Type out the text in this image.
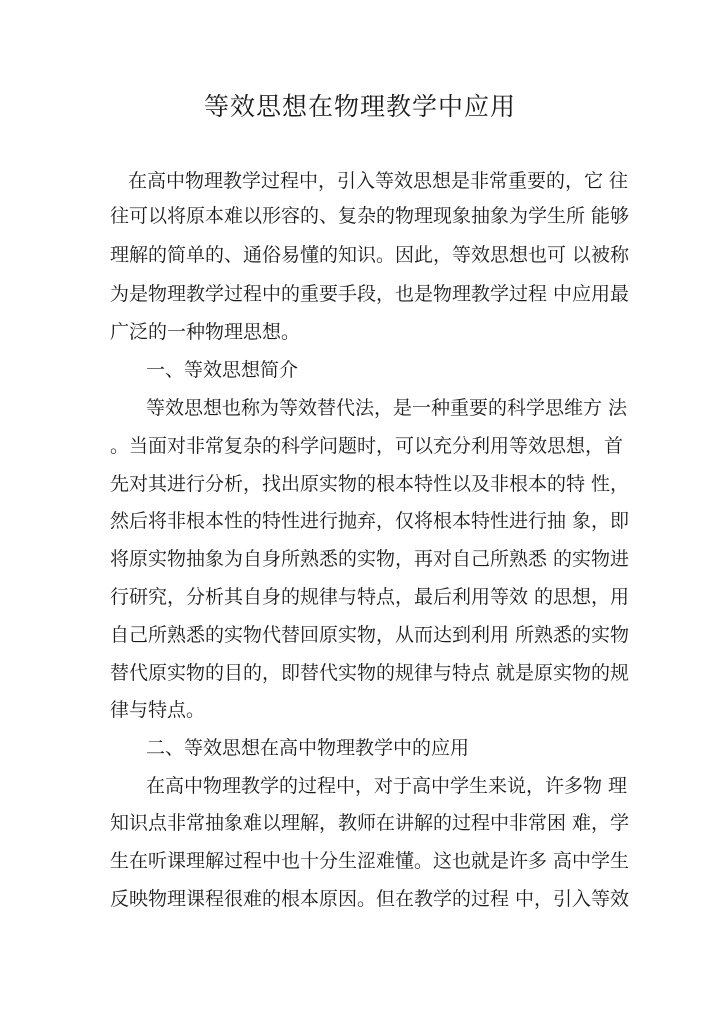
等效思想在物理教学中应用

在高中物理教学过程中，引入等效思想是非常重要的，它 往

往可以将原本难以形容的、复杂的物理现象抽象为学生所 能够

理解的简单的、通俗易懂的知识。因此，等效思想也可 以被称

为是物理教学过程中的重要手段，也是物理教学过程 中应用最

广泛的一种物理思想。

一、等效思想简介

等效思想也称为等效替代法，是一种重要的科学思维方 法

。当面对非常复杂的科学问题时，可以充分利用等效思想，首

先对其进行分析，找出原实物的根本特性以及非根本的特 性，

然后将非根本性的特性进行抛弃，仅将根本特性进行抽 象，即

将原实物抽象为自身所熟悉的实物，再对自己所熟悉 的实物进

行研究，分析其自身的规律与特点，最后利用等效 的思想，用

自己所熟悉的实物代替回原实物，从而达到利用 所熟悉的实物

替代原实物的目的，即替代实物的规律与特点 就是原实物的规

律与特点。

二、等效思想在高中物理教学中的应用

在高中物理教学的过程中，对于高中学生来说，许多物 理

知识点非常抽象难以理解，教师在讲解的过程中非常困 难，学

生在听课理解过程中也十分生涩难懂。这也就是许多 高中学生

反映物理课程很难的根本原因。但在教学的过程 中，引入等效
